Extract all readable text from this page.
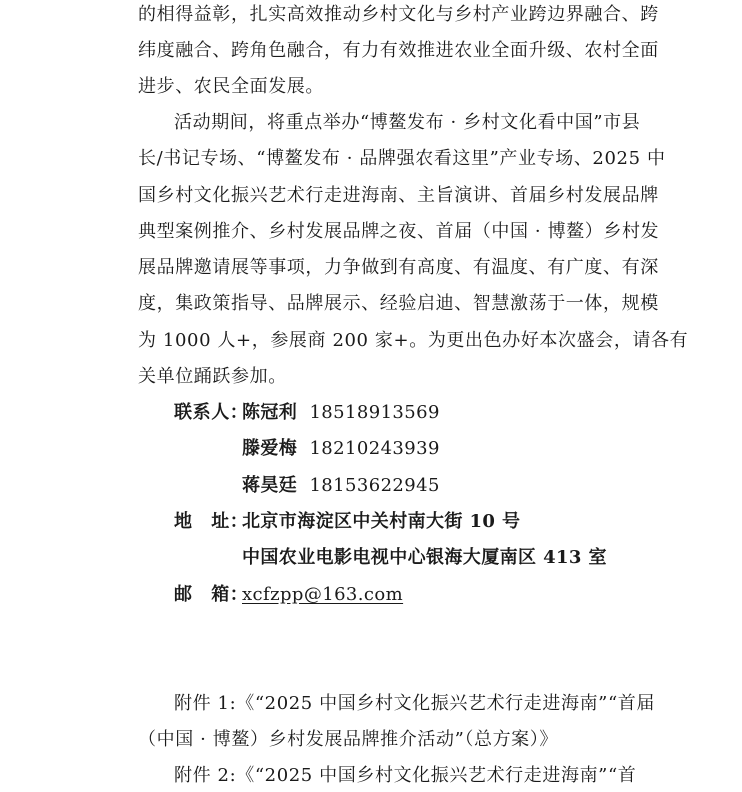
的相得益彰，扎实高效推动乡村文化与乡村产业跨边界融合、跨
纬度融合、跨角色融合，有力有效推进农业全面升级、农村全面
进步、农民全面发展。
活动期间，将重点举办“博鳌发布 · 乡村文化看中国”市县
长/书记专场、“博鳌发布 · 品牌强农看这里”产业专场、2025 中
国乡村文化振兴艺术行走进海南、主旨演讲、首届乡村发展品牌
典型案例推介、乡村发展品牌之夜、首届（中国 · 博鳌）乡村发
展品牌邀请展等事项，力争做到有高度、有温度、有广度、有深
度，集政策指导、品牌展示、经验启迪、智慧激荡于一体，规模
为 1000 人+，参展商 200 家+。为更出色办好本次盛会，请各有
关单位踊跃参加。
联系人：
陈冠利 18518913569
滕爱梅 18210243939
蒋昊廷 18153622945
地　址：
北京市海淀区中关村南大街 10 号
中国农业电影电视中心银海大厦南区 413 室
邮　箱：
xcfzpp@163.com
附件 1:《“2025 中国乡村文化振兴艺术行走进海南”“首届
（中国 · 博鳌）乡村发展品牌推介活动”（总方案）》
附件 2:《“2025 中国乡村文化振兴艺术行走进海南”“首
